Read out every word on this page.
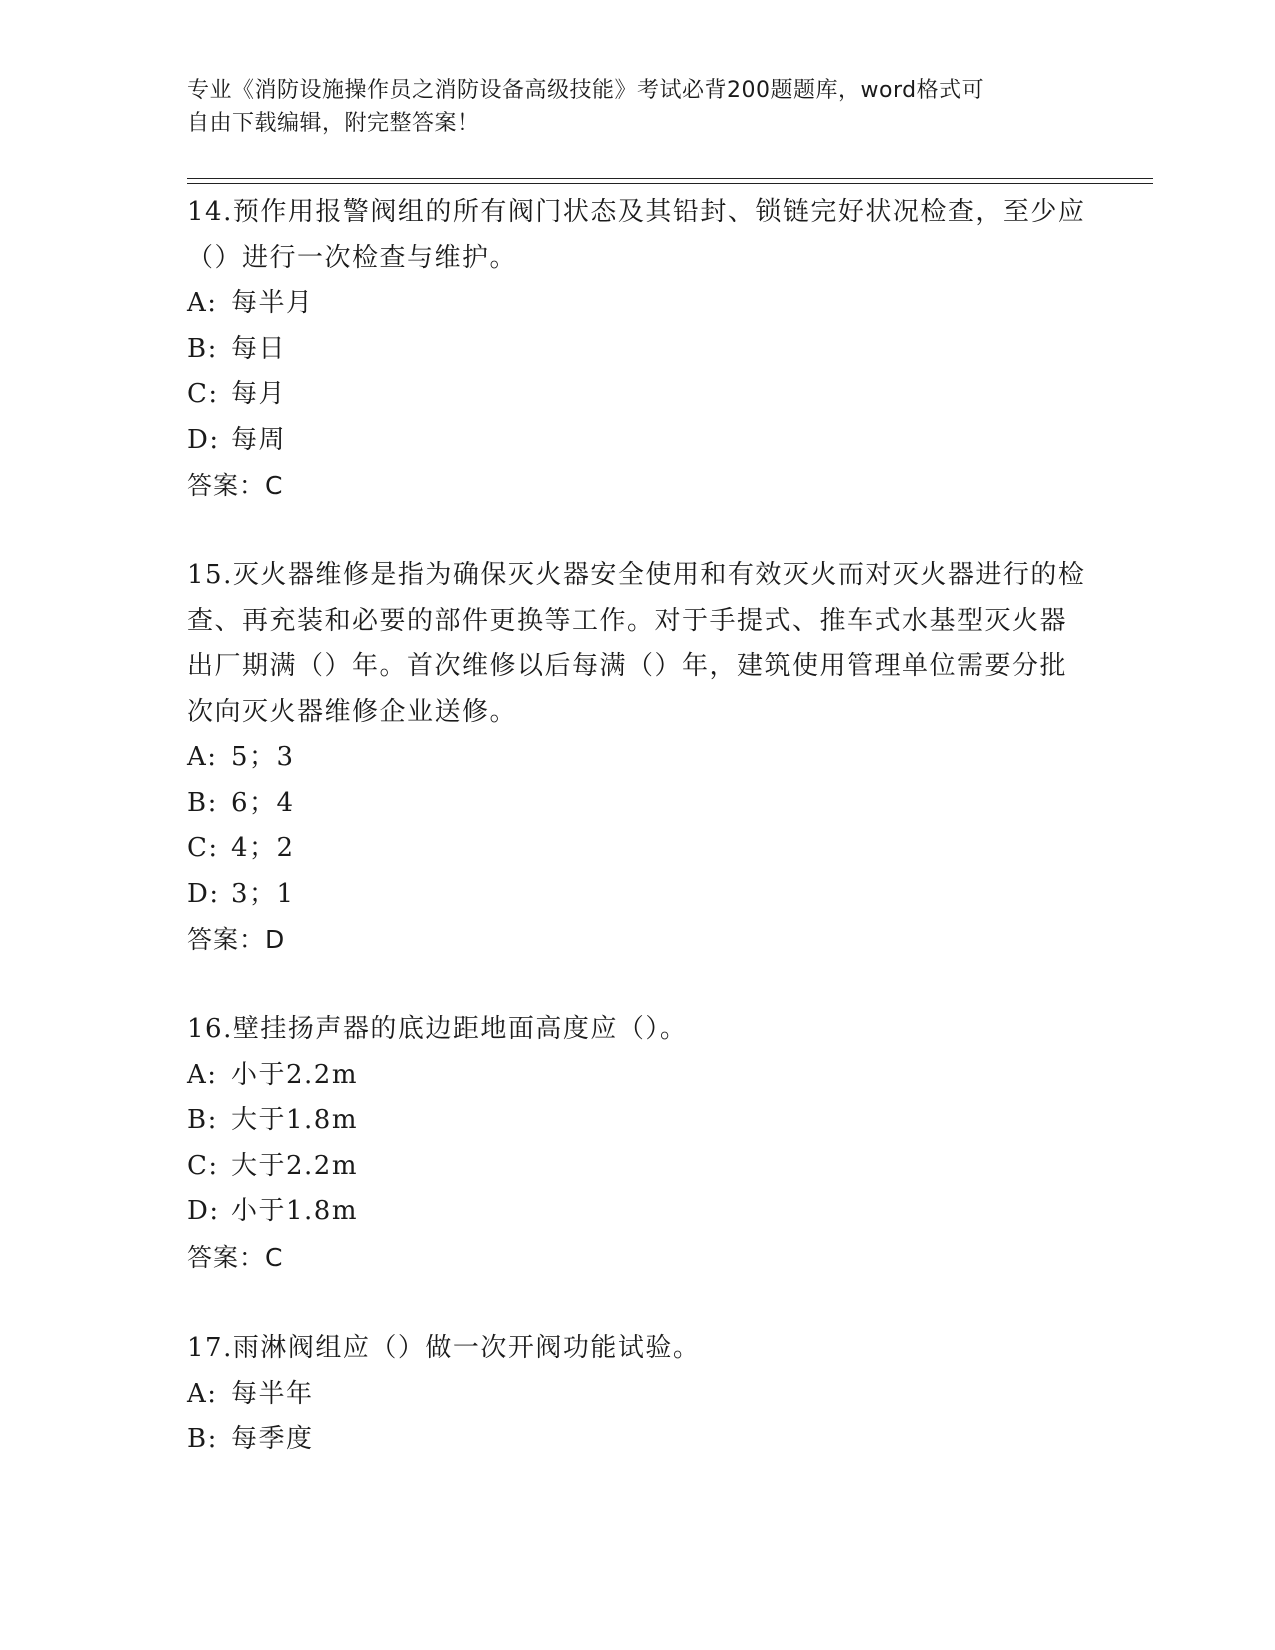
专业《消防设施操作员之消防设备高级技能》考试必背200题题库，word格式可
自由下载编辑，附完整答案！

14.预作用报警阀组的所有阀门状态及其铅封、锁链完好状况检查，至少应（）进行一次检查与维护。

A: 每半月

B: 每日

C: 每月

D: 每周

答案：C

15.灭火器维修是指为确保灭火器安全使用和有效灭火而对灭火器进行的检查、再充装和必要的部件更换等工作。对于手提式、推车式水基型灭火器出厂期满（）年。首次维修以后每满（）年，建筑使用管理单位需要分批次向灭火器维修企业送修。

A: 5；3

B: 6；4

C: 4；2

D: 3；1

答案：D

16.壁挂扬声器的底边距地面高度应（）。

A: 小于2.2m

B: 大于1.8m

C: 大于2.2m

D: 小于1.8m

答案：C

17.雨淋阀组应（）做一次开阀功能试验。

A: 每半年

B: 每季度
